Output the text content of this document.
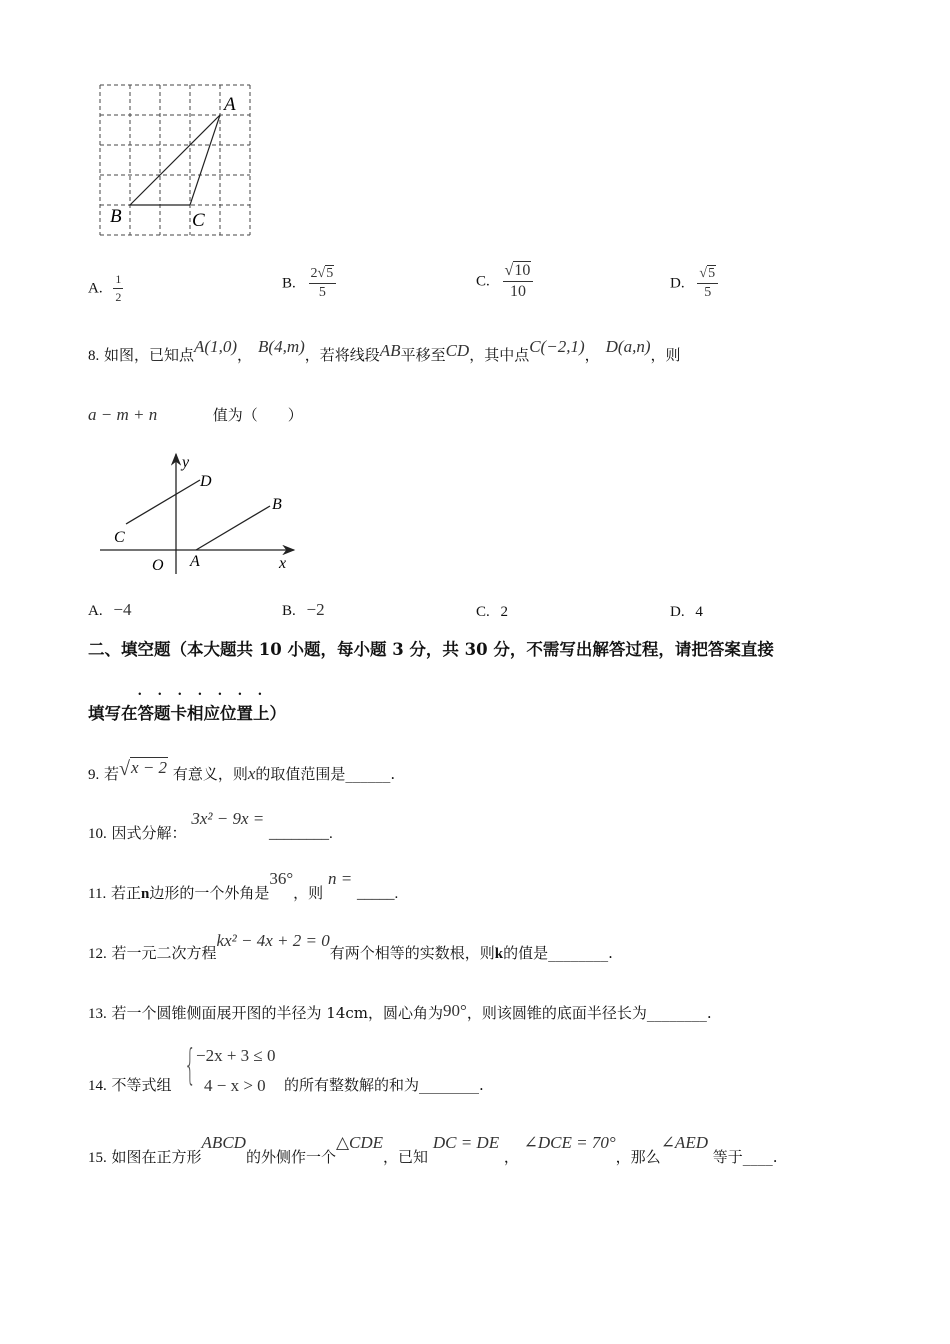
A
B	C
A. $\frac{1}{2}$	B. $\frac{2√5}{5}$	C. $\frac{√10}{10}$	D. $\frac{√5}{5}$
8. 如图，已知点A(1,0)， B(4,m)，若将线段AB平移至CD，其中点C(−2,1)， D(a,n)，则
a − m + n	值为（　　）
y
x
O A
B
C
D
A. −4	B. −2	C. 2	D. 4
二、填空题（本大题共 10 小题，每小题 3 分，共 30 分，不需写出解答过程，请把答案直接
填写在答题卡相应位置
.......
上）
9. 若√x − 2 有意义，则x的取值范围是______.
10. 因式分解： 3x² − 9x = ________.
11. 若正n边形的一个外角是36°，则 n = _____.
12. 若一元二次方程kx² − 4x + 2 = 0有两个相等的实数根，则k的值是________.
13. 若一个圆锥侧面展开图的半径为 14cm，圆心角为90°，则该圆锥的底面半径长为________.
14. 不等式组 { −2x + 3 ≤ 0
4 − x > 0 的所有整数解的和为________.
15. 如图在正方形ABCD的外侧作一个△CDE，已知 DC = DE ， ∠DCE = 70°，那么∠AED 等于____.
